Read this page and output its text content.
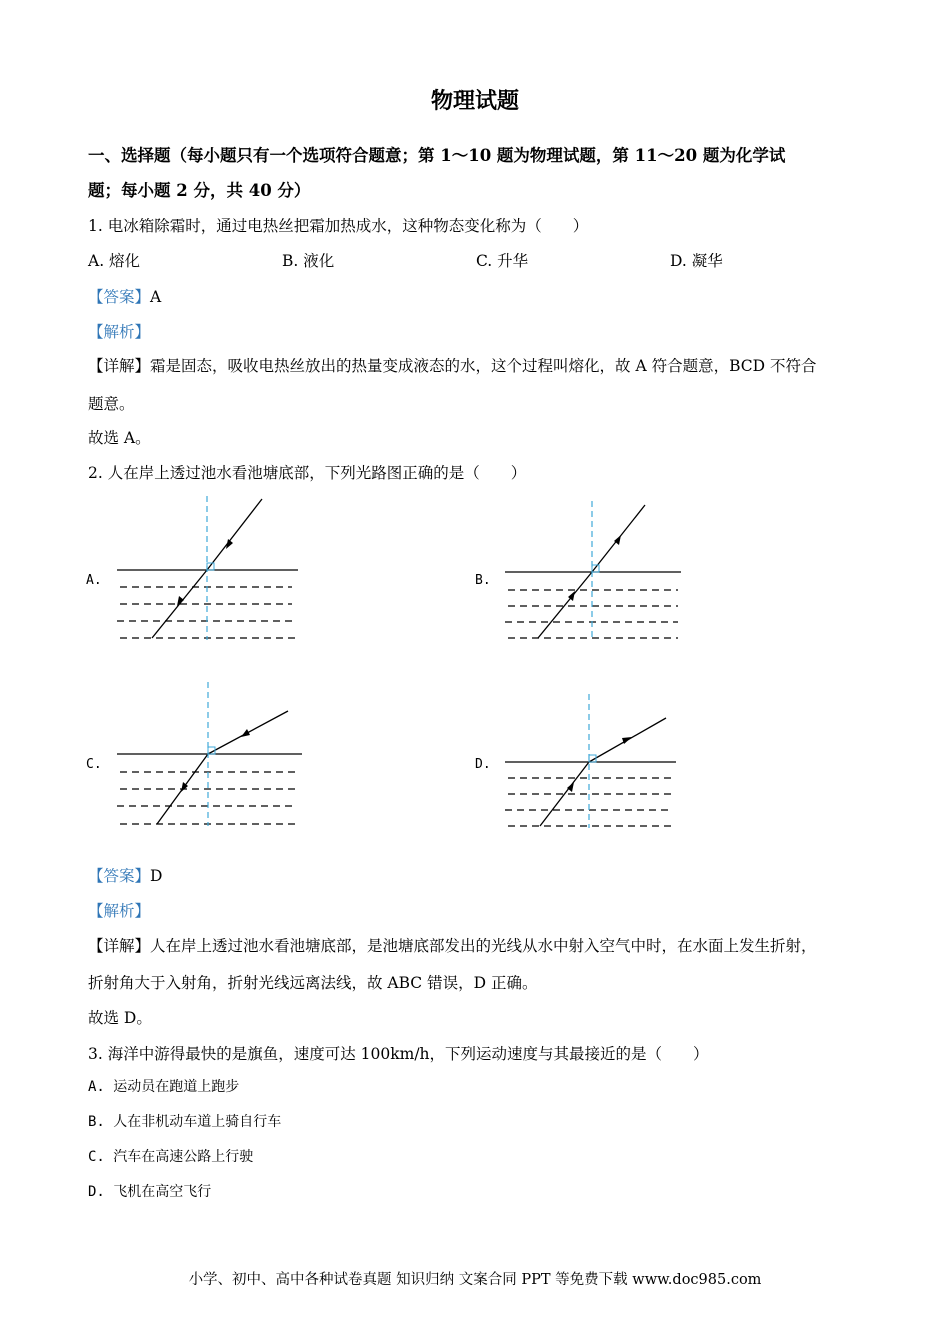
物理试题
一、选择题（每小题只有一个选项符合题意；第 1～10 题为物理试题，第 11～20 题为化学试
题；每小题 2 分，共 40 分）
1. 电冰箱除霜时，通过电热丝把霜加热成水，这种物态变化称为（　　）
A. 熔化	B. 液化	C. 升华	D. 凝华
【答案】A
【解析】
【详解】霜是固态，吸收电热丝放出的热量变成液态的水，这个过程叫熔化，故 A 符合题意，BCD 不符合
题意。
故选 A。
2. 人在岸上透过池水看池塘底部，下列光路图正确的是（　　）
A.	B.
C.	D.
【答案】D
【解析】
【详解】人在岸上透过池水看池塘底部，是池塘底部发出的光线从水中射入空气中时，在水面上发生折射，
折射角大于入射角，折射光线远离法线，故 ABC 错误，D 正确。
故选 D。
3. 海洋中游得最快的是旗鱼，速度可达 100km/h，下列运动速度与其最接近的是（　　）
A. 运动员在跑道上跑步
B. 人在非机动车道上骑自行车
C. 汽车在高速公路上行驶
D. 飞机在高空飞行
小学、初中、高中各种试卷真题 知识归纳 文案合同 PPT 等免费下载 www.doc985.com
